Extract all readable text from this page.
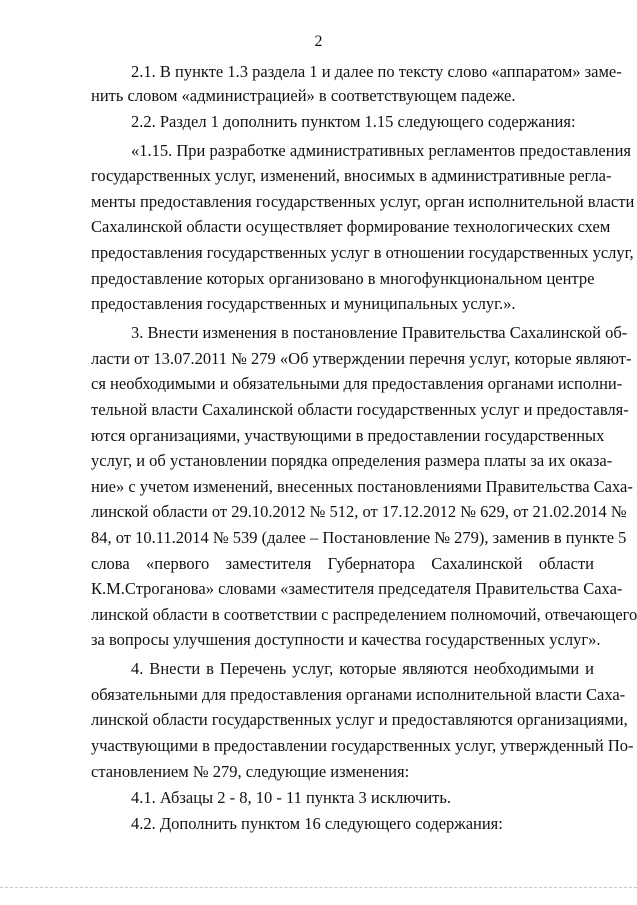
2
2.1. В пункте 1.3 раздела 1 и далее по тексту слово «аппаратом» заме-
нить словом «администрацией» в соответствующем падеже.
2.2. Раздел 1 дополнить пунктом 1.15 следующего содержания:
«1.15. При разработке административных регламентов предоставления
государственных услуг, изменений, вносимых в административные регла-
менты предоставления государственных услуг, орган исполнительной власти
Сахалинской области осуществляет формирование технологических схем
предоставления государственных услуг в отношении государственных услуг,
предоставление которых организовано в многофункциональном центре
предоставления государственных и муниципальных услуг.».
3. Внести изменения в постановление Правительства Сахалинской об-
ласти от 13.07.2011 № 279 «Об утверждении перечня услуг, которые являют-
ся необходимыми и обязательными для предоставления органами исполни-
тельной власти Сахалинской области государственных услуг и предоставля-
ются организациями, участвующими в предоставлении государственных
услуг, и об установлении порядка определения размера платы за их оказа-
ние» с учетом изменений, внесенных постановлениями Правительства Саха-
линской области от 29.10.2012 № 512, от 17.12.2012 № 629, от 21.02.2014 №
84, от 10.11.2014 № 539 (далее – Постановление № 279), заменив в пункте 5
слова «первого заместителя Губернатора Сахалинской области
К.М.Строганова» словами «заместителя председателя Правительства Саха-
линской области в соответствии с распределением полномочий, отвечающего
за вопросы улучшения доступности и качества государственных услуг».
4. Внести в Перечень услуг, которые являются необходимыми и
обязательными для предоставления органами исполнительной власти Саха-
линской области государственных услуг и предоставляются организациями,
участвующими в предоставлении государственных услуг, утвержденный По-
становлением № 279, следующие изменения:
4.1. Абзацы 2 - 8, 10 - 11 пункта 3 исключить.
4.2. Дополнить пунктом 16 следующего содержания:
